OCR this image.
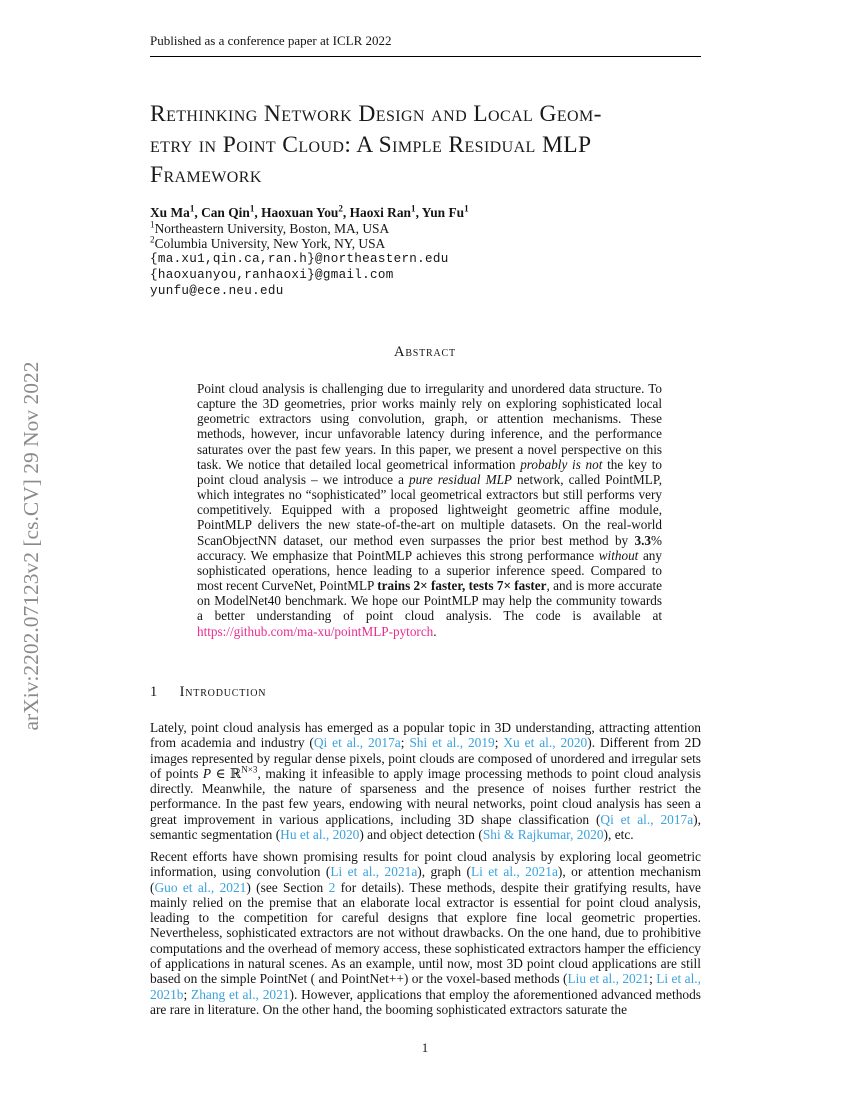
Published as a conference paper at ICLR 2022
arXiv:2202.07123v2 [cs.CV] 29 Nov 2022
Rethinking Network Design and Local Geom-
etry in Point Cloud: A Simple Residual MLP
Framework
Xu Ma$^1$, Can Qin$^1$, Haoxuan You$^2$, Haoxi Ran$^1$, Yun Fu$^1$
$^1$Northeastern University, Boston, MA, USA
$^2$Columbia University, New York, NY, USA
{ma.xu1,qin.ca,ran.h}@northeastern.edu
{haoxuanyou,ranhaoxi}@gmail.com
yunfu@ece.neu.edu
Abstract
Point cloud analysis is challenging due to irregularity and unordered data structure. To capture the 3D geometries, prior works mainly rely on exploring sophisticated local geometric extractors using convolution, graph, or attention mechanisms. These methods, however, incur unfavorable latency during inference, and the performance saturates over the past few years. In this paper, we present a novel perspective on this task. We notice that detailed local geometrical information probably is not the key to point cloud analysis – we introduce a pure residual MLP network, called PointMLP, which integrates no “sophisticated” local geometrical extractors but still performs very competitively. Equipped with a proposed lightweight geometric affine module, PointMLP delivers the new state-of-the-art on multiple datasets. On the real-world ScanObjectNN dataset, our method even surpasses the prior best method by 3.3% accuracy. We emphasize that PointMLP achieves this strong performance without any sophisticated operations, hence leading to a superior inference speed. Compared to most recent CurveNet, PointMLP trains 2× faster, tests 7× faster, and is more accurate on ModelNet40 benchmark. We hope our PointMLP may help the community towards a better understanding of point cloud analysis. The code is available at https://github.com/ma-xu/pointMLP-pytorch.
1 Introduction
Lately, point cloud analysis has emerged as a popular topic in 3D understanding, attracting attention from academia and industry (Qi et al., 2017a; Shi et al., 2019; Xu et al., 2020). Different from 2D images represented by regular dense pixels, point clouds are composed of unordered and irregular sets of points P ∈ ℝ$^{N\times 3}$, making it infeasible to apply image processing methods to point cloud analysis directly. Meanwhile, the nature of sparseness and the presence of noises further restrict the performance. In the past few years, endowing with neural networks, point cloud analysis has seen a great improvement in various applications, including 3D shape classification (Qi et al., 2017a), semantic segmentation (Hu et al., 2020) and object detection (Shi & Rajkumar, 2020), etc.
Recent efforts have shown promising results for point cloud analysis by exploring local geometric information, using convolution (Li et al., 2021a), graph (Li et al., 2021a), or attention mechanism (Guo et al., 2021) (see Section 2 for details). These methods, despite their gratifying results, have mainly relied on the premise that an elaborate local extractor is essential for point cloud analysis, leading to the competition for careful designs that explore fine local geometric properties. Nevertheless, sophisticated extractors are not without drawbacks. On the one hand, due to prohibitive computations and the overhead of memory access, these sophisticated extractors hamper the efficiency of applications in natural scenes. As an example, until now, most 3D point cloud applications are still based on the simple PointNet ( and PointNet++) or the voxel-based methods (Liu et al., 2021; Li et al., 2021b; Zhang et al., 2021). However, applications that employ the aforementioned advanced methods are rare in literature. On the other hand, the booming sophisticated extractors saturate the
1
